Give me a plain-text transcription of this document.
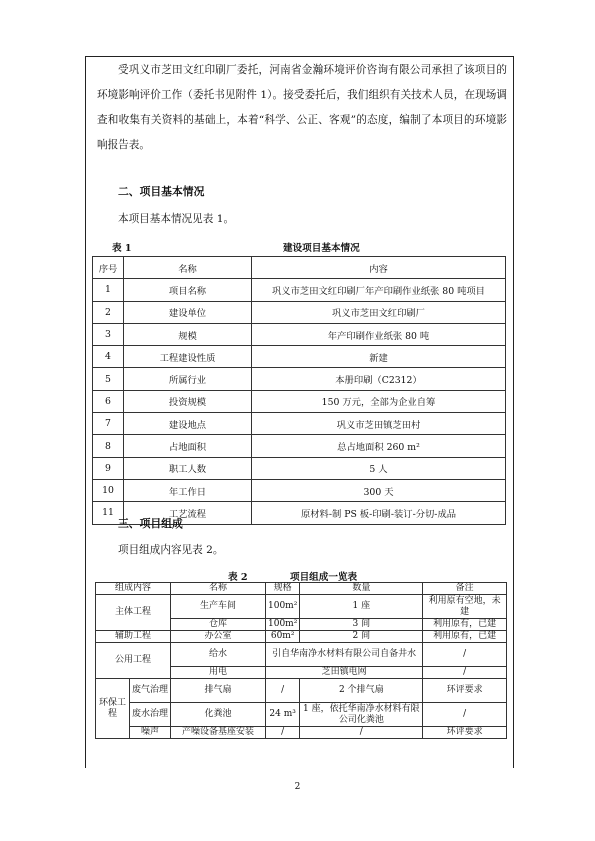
受巩义市芝田文红印刷厂委托，河南省金瀚环境评价咨询有限公司承担了该项目的环境影响评价工作（委托书见附件 1）。接受委托后，我们组织有关技术人员，在现场调查和收集有关资料的基础上，本着“科学、公正、客观”的态度，编制了本项目的环境影响报告表。

二、项目基本情况

本项目基本情况见表 1。

表 1	建设项目基本情况

序号	名称	内容
1	项目名称	巩义市芝田文红印刷厂年产印刷作业纸张 80 吨项目
2	建设单位	巩义市芝田文红印刷厂
3	规模	年产印刷作业纸张 80 吨
4	工程建设性质	新建
5	所属行业	本册印刷（C2312）
6	投资规模	150 万元，全部为企业自筹
7	建设地点	巩义市芝田镇芝田村
8	占地面积	总占地面积 260 m²
9	职工人数	5 人
10	年工作日	300 天
11	工艺流程	原材料-制 PS 板-印刷-装订-分切-成品

三、项目组成

项目组成内容见表 2。

表 2	项目组成一览表

组成内容		名称	规格	数量	备注
主体工程		生产车间	100m²	1 座	利用原有空地，未建
		仓库	100m²	3 间	利用原有，已建
辅助工程		办公室	60m²	2 间	利用原有，已建
公用工程		给水	引自华南净水材料有限公司自备井水		/
		用电	芝田镇电网		/
环保工程	废气治理	排气扇	/	2 个排气扇	环评要求
	废水治理	化粪池	24 m³	1 座，依托华南净水材料有限公司化粪池	/
	噪声	产噪设备基座安装	/	/	环评要求

2
